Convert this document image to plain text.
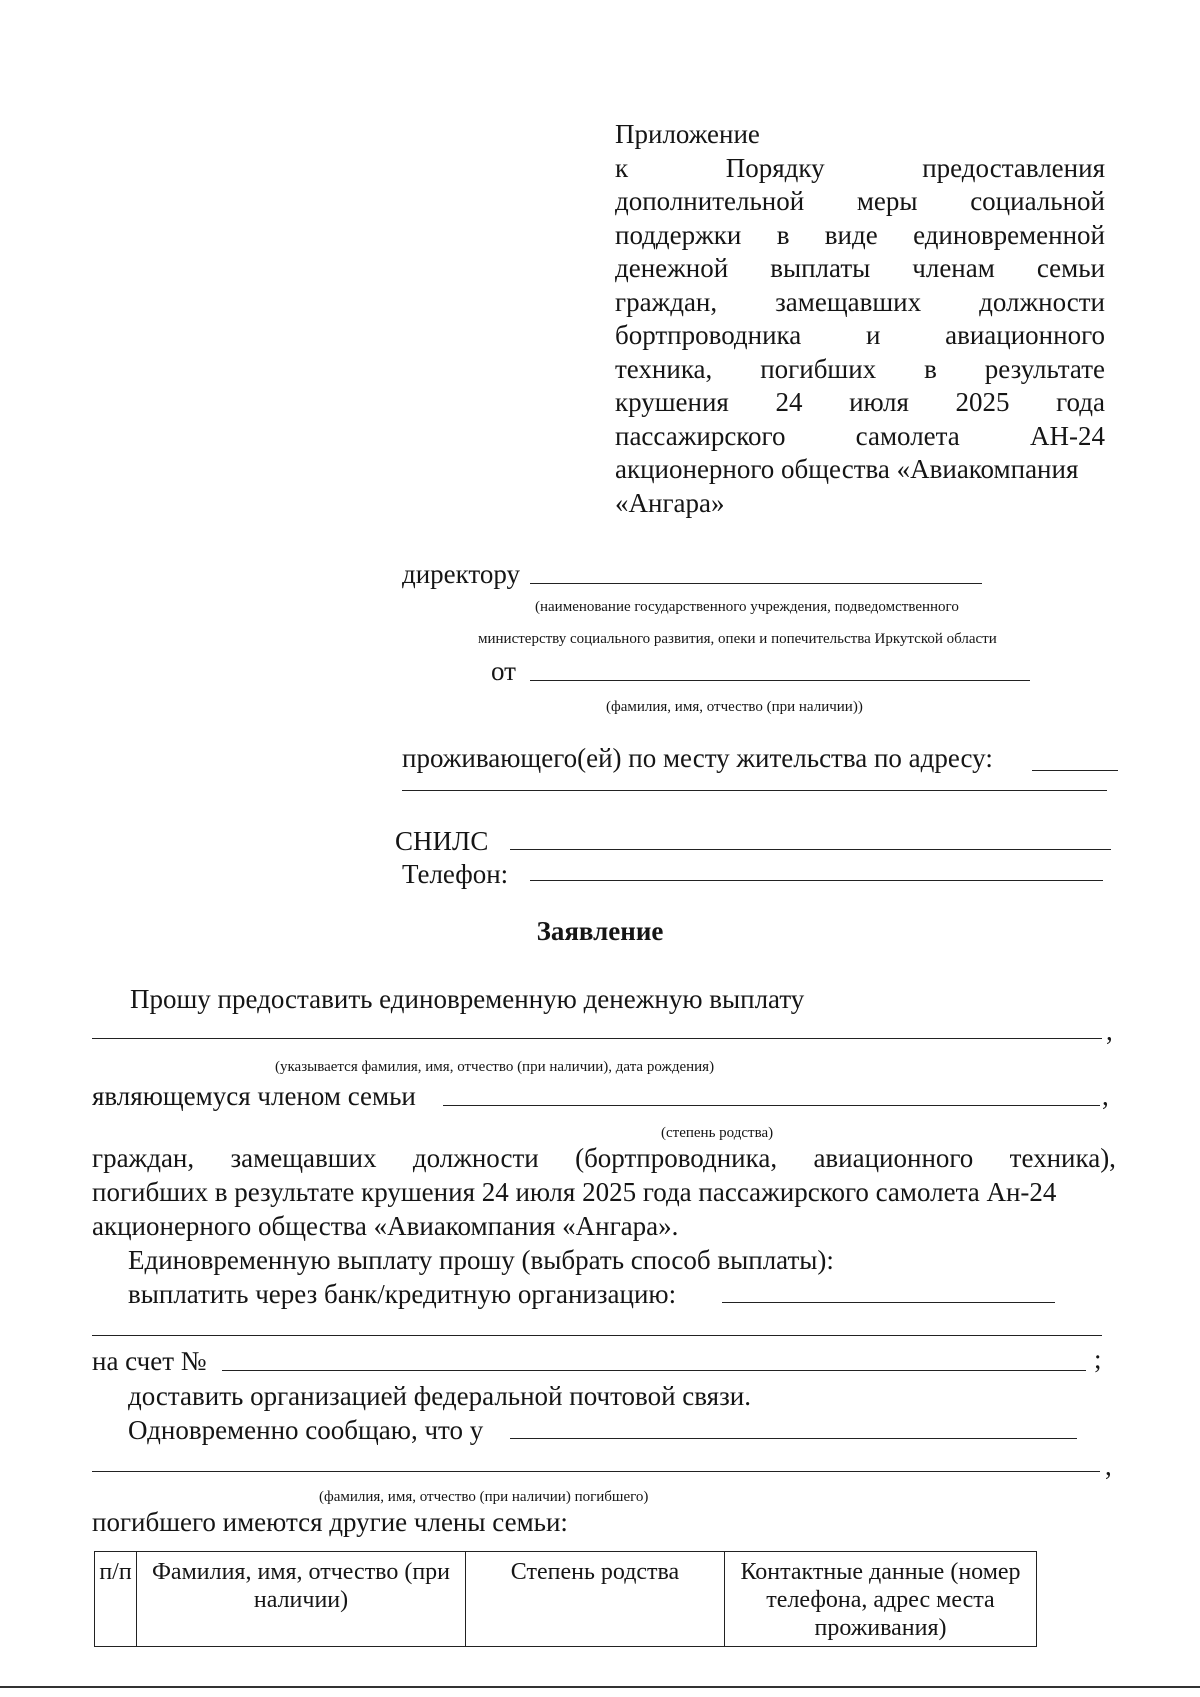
Приложение
к	Порядку	предоставления
дополнительной меры социальной
поддержки в виде единовременной
денежной выплаты членам семьи
граждан, замещавших должности
бортпроводника и авиационного
техника, погибших в результате
крушения 24 июля 2025 года
пассажирского	самолета	АН-24
акционерного общества «Авиакомпания
«Ангара»
директору
(наименование государственного учреждения, подведомственного
министерству социального развития, опеки и попечительства Иркутской области
от
(фамилия, имя, отчество (при наличии))
проживающего(ей) по месту жительства по адресу:
СНИЛС
Телефон:
Заявление
Прошу предоставить единовременную денежную выплату
,
(указывается фамилия, имя, отчество (при наличии), дата рождения)
являющемуся членом семьи	,
(степень родства)
граждан, замещавших должности (бортпроводника, авиационного техника),
погибших в результате крушения 24 июля 2025 года пассажирского самолета Ан-24
акционерного общества «Авиакомпания «Ангара».
Единовременную выплату прошу (выбрать способ выплаты):
выплатить через банк/кредитную организацию:
на счет №	;
доставить организацией федеральной почтовой связи.
Одновременно сообщаю, что у
,
(фамилия, имя, отчество (при наличии) погибшего)
погибшего имеются другие члены семьи:
п/п	Фамилия, имя, отчество (при наличии)	Степень родства	Контактные данные (номер телефона, адрес места проживания)
